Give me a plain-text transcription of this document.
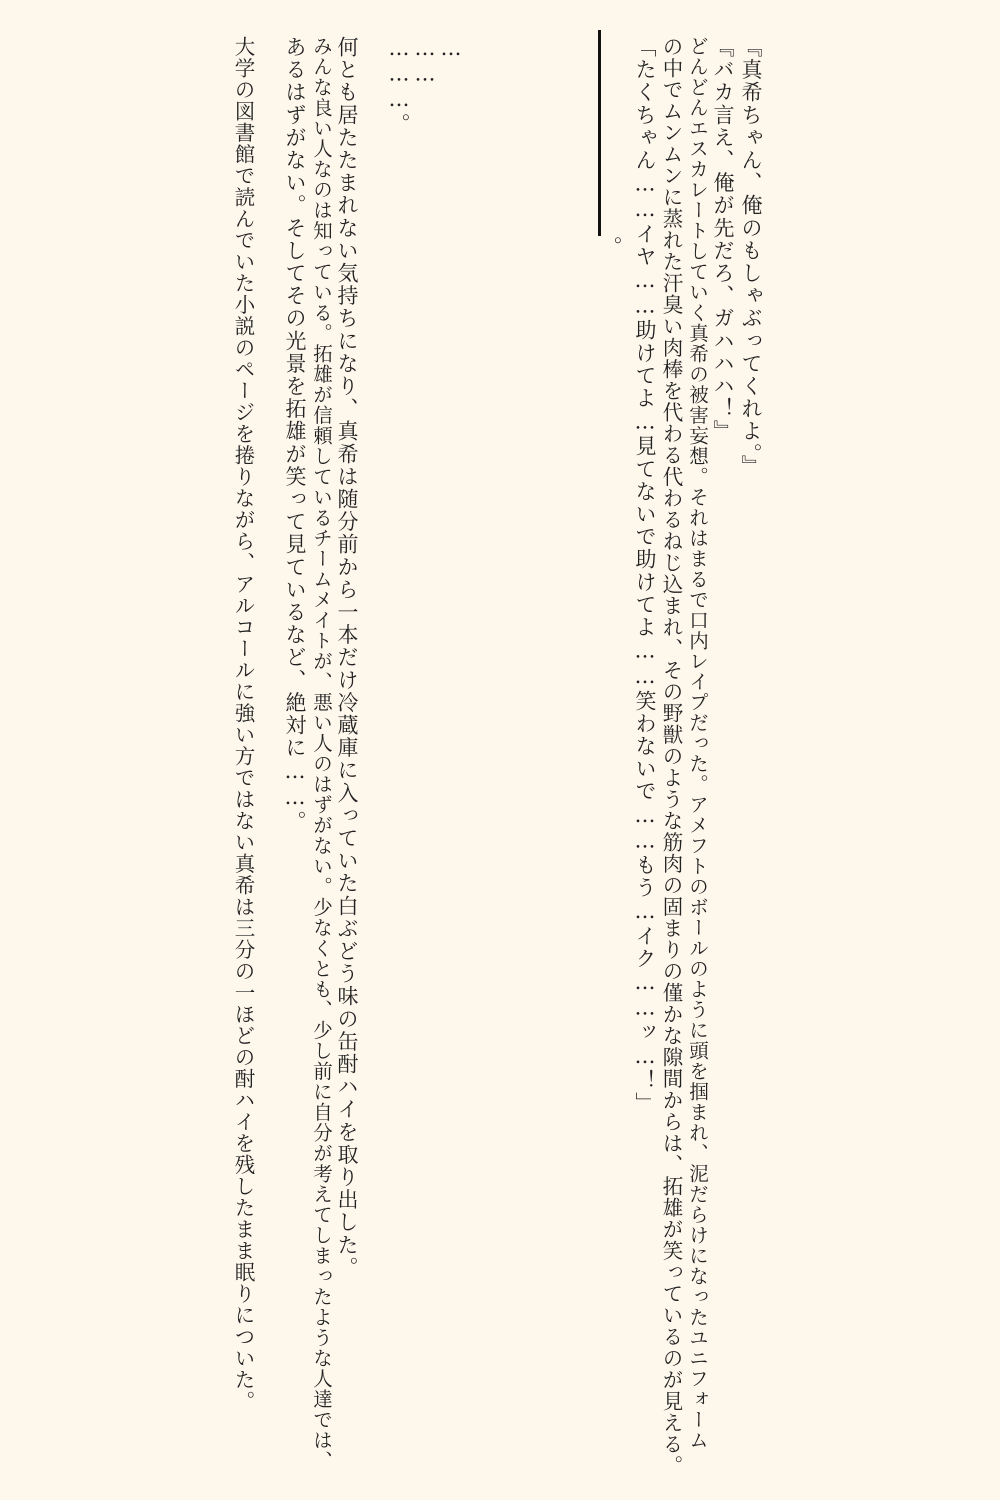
『真希ちゃん、俺のもしゃぶってくれよ。』
『バカ言え、俺が先だろ、ガハハハ！』
どんどんエスカレートしていく真希の被害妄想。それはまるで口内レイプだった。アメフトのボールのように頭を掴まれ、泥だらけになったユニフォーム
の中でムンムンに蒸れた汗臭い肉棒を代わる代わるねじ込まれ、その野獣のような筋肉の固まりの僅かな隙間からは、拓雄が笑っているのが見える。
「たくちゃん……イヤ……助けてよ…見てないで助けてよ……笑わないで……もう…イク……ッ…！」
。
…
……
………。
何とも居たたまれない気持ちになり、真希は随分前から一本だけ冷蔵庫に入っていた白ぶどう味の缶酎ハイを取り出した。
みんな良い人なのは知っている。拓雄が信頼しているチームメイトが、悪い人のはずがない。少なくとも、少し前に自分が考えてしまったような人達では、
あるはずがない。そしてその光景を拓雄が笑って見ているなど、絶対に……。
大学の図書館で読んでいた小説のページを捲りながら、アルコールに強い方ではない真希は三分の一ほどの酎ハイを残したまま眠りについた。
